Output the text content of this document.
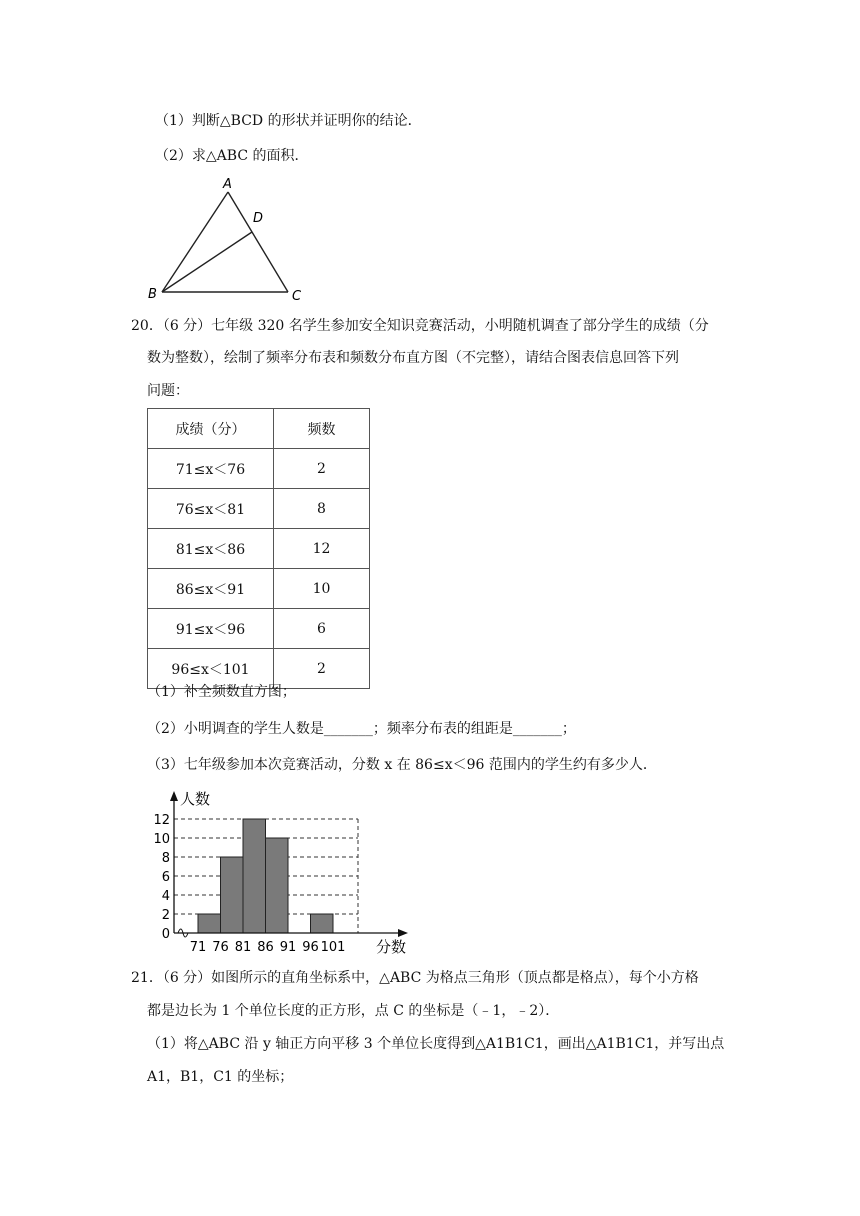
（1）判断△BCD 的形状并证明你的结论．
（2）求△ABC 的面积．
A
D
B	C
20．（6 分）七年级 320 名学生参加安全知识竞赛活动，小明随机调查了部分学生的成绩（分
数为整数），绘制了频率分布表和频数分布直方图（不完整），请结合图表信息回答下列
问题：
成绩（分）	频数
71≤x＜76	2
76≤x＜81	8
81≤x＜86	12
86≤x＜91	10
91≤x＜96	6
96≤x＜101	2
（1）补全频数直方图；
（2）小明调查的学生人数是_______；频率分布表的组距是_______；
（3）七年级参加本次竞赛活动，分数 x 在 86≤x＜96 范围内的学生约有多少人．
0
2
4
6
8
10
12
71 76 81 86 91 96 101
人数
分数
21．（6 分）如图所示的直角坐标系中，△ABC 为格点三角形（顶点都是格点），每个小方格
都是边长为 1 个单位长度的正方形，点 C 的坐标是（﹣1，﹣2）．
（1）将△ABC 沿 y 轴正方向平移 3 个单位长度得到△A1B1C1，画出△A1B1C1，并写出点
A1，B1，C1 的坐标；
